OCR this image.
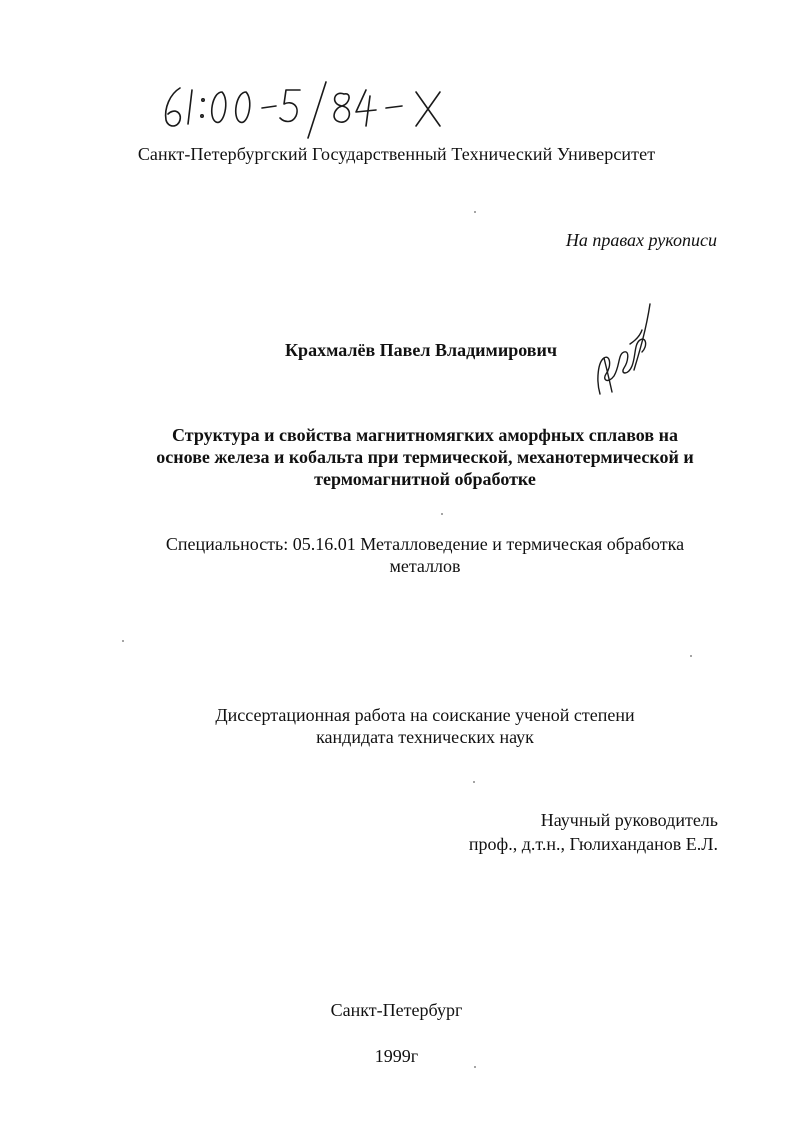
Санкт-Петербургский Государственный Технический Университет
На правах рукописи
Крахмалёв Павел Владимирович
Структура и свойства магнитномягких аморфных сплавов на
основе железа и кобальта при термической, механотермической и
термомагнитной обработке
Специальность: 05.16.01 Металловедение и термическая обработка
металлов
Диссертационная работа на соискание ученой степени
кандидата технических наук
Научный руководитель
проф., д.т.н., Гюлиханданов Е.Л.
Санкт-Петербург
1999г
